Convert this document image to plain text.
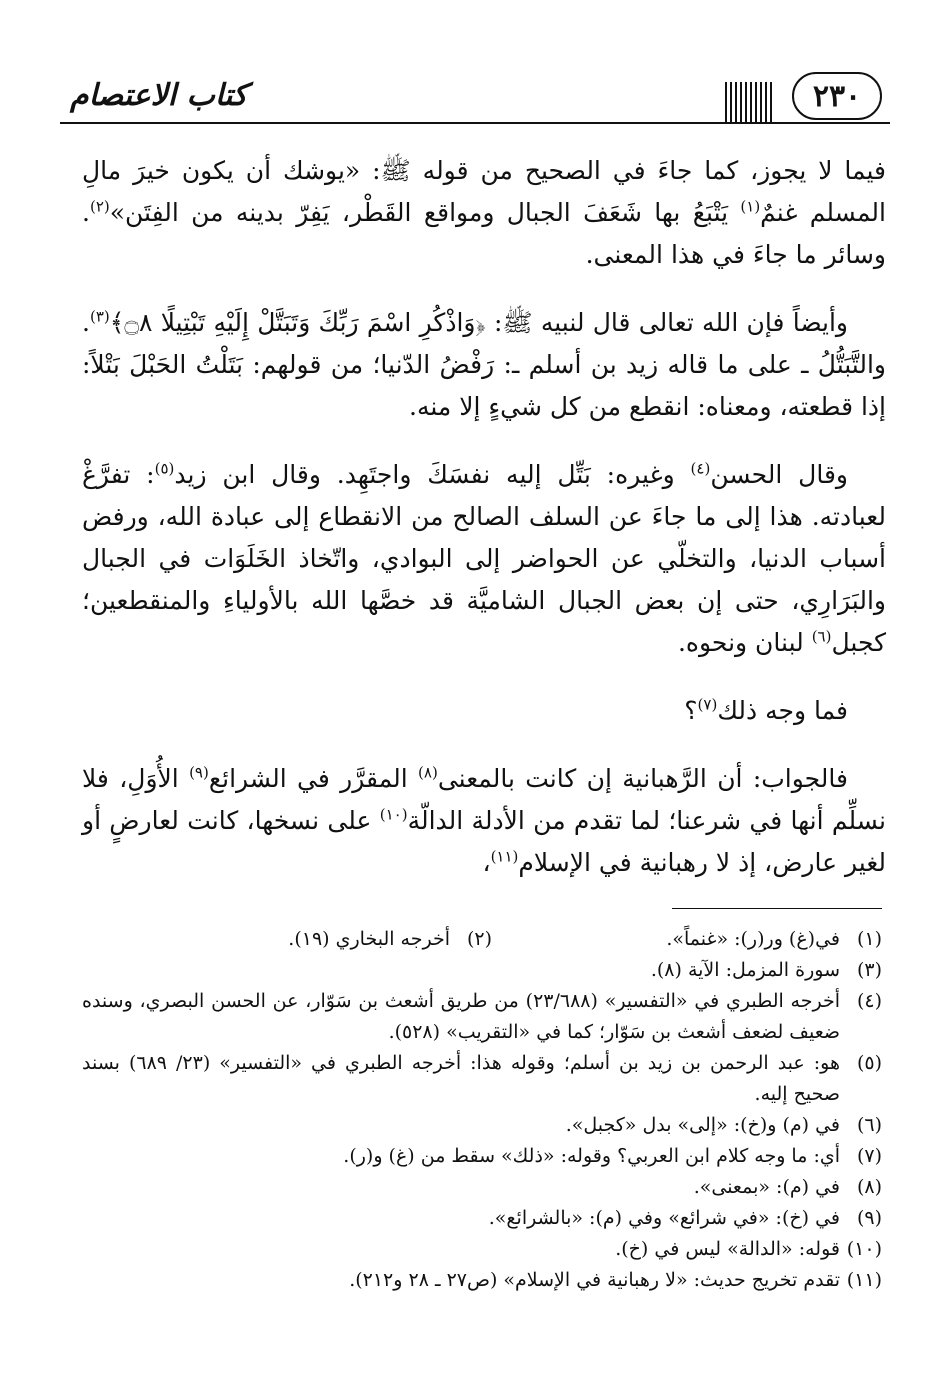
كتاب الاعتصام	٢٣٠

فيما لا يجوز، كما جاءَ في الصحيح من قوله ﷺ: «يوشك أن يكون خيرَ مالِ المسلم غنمٌ$^{(١)}$ يَتْبَعُ بها شَعَفَ الجبال ومواقع القَطْر، يَفِرّ بدينه من الفِتَن»$^{(٢)}$. وسائر ما جاءَ في هذا المعنى.

وأيضاً فإن الله تعالى قال لنبيه ﷺ: ﴿وَاذْكُرِ اسْمَ رَبِّكَ وَتَبَتَّلْ إِلَيْهِ تَبْتِيلًا ۝٨﴾$^{(٣)}$. والتَّبَتُّلُ ـ على ما قاله زيد بن أسلم ـ: رَفْضُ الدّنيا؛ من قولهم: بَتَلْتُ الحَبْلَ بَتْلاً: إذا قطعته، ومعناه: انقطع من كل شيءٍ إلا منه.

وقال الحسن$^{(٤)}$ وغيره: بَتِّل إليه نفسَكَ واجتَهِد. وقال ابن زيد$^{(٥)}$: تفرَّغْ لعبادته. هذا إلى ما جاءَ عن السلف الصالح من الانقطاع إلى عبادة الله، ورفض أسباب الدنيا، والتخلّي عن الحواضر إلى البوادي، واتّخاذ الخَلَوَات في الجبال والبَرَارِي، حتى إن بعض الجبال الشاميَّة قد خصَّها الله بالأولياءِ والمنقطعين؛ كجبل$^{(٦)}$ لبنان ونحوه.

فما وجه ذلك$^{(٧)}$؟

فالجواب: أن الرَّهبانية إن كانت بالمعنى$^{(٨)}$ المقرَّر في الشرائع$^{(٩)}$ الأُوَلِ، فلا نسلِّم أنها في شرعنا؛ لما تقدم من الأدلة الدالّة$^{(١٠)}$ على نسخها، كانت لعارضٍ أو لغير عارض، إذ لا رهبانية في الإسلام$^{(١١)}$،

(١)
في(غ) ور(ر): «غنماً».
(٢)
أخرجه البخاري (١٩).
(٣)
سورة المزمل: الآية (٨).
(٤)
أخرجه الطبري في «التفسير» (٢٣/٦٨٨) من طريق أشعث بن سَوّار، عن الحسن البصري، وسنده ضعيف لضعف أشعث بن سَوّار؛ كما في «التقريب» (٥٢٨).
(٥)
هو: عبد الرحمن بن زيد بن أسلم؛ وقوله هذا: أخرجه الطبري في «التفسير» (٢٣/ ٦٨٩) بسند صحيح إليه.
(٦)
في (م) و(خ): «إلى» بدل «كجبل».
(٧)
أي: ما وجه كلام ابن العربي؟ وقوله: «ذلك» سقط من (غ) و(ر).
(٨)
في (م): «بمعنى».
(٩)
في (خ): «في شرائع» وفي (م): «بالشرائع».
(١٠)
قوله: «الدالة» ليس في (خ).
(١١)
تقدم تخريج حديث: «لا رهبانية في الإسلام» (ص٢٧ ـ ٢٨ و٢١٢).
